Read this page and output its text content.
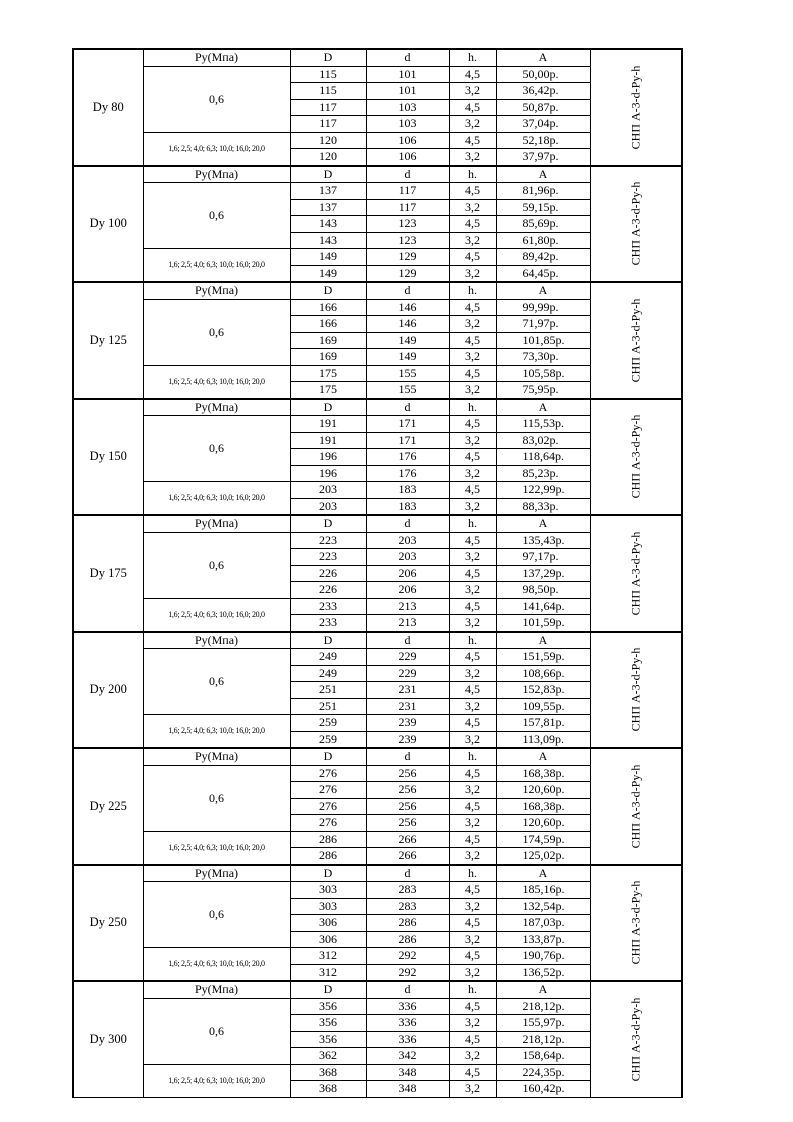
Dy 80	Ру(Мпа)	D	d	h.	A	СНП А-3-d-Py-h
	0,6	115	101	4,5	50,00р.	
		115	101	3,2	36,42р.	
		117	103	4,5	50,87р.	
		117	103	3,2	37,04р.	
	1,6; 2,5; 4,0; 6,3; 10,0; 16,0; 20,0	120	106	4,5	52,18р.	
		120	106	3,2	37,97р.	
Dy 100	Ру(Мпа)	D	d	h.	A	СНП А-3-d-Py-h
	0,6	137	117	4,5	81,96р.	
		137	117	3,2	59,15р.	
		143	123	4,5	85,69р.	
		143	123	3,2	61,80р.	
	1,6; 2,5; 4,0; 6,3; 10,0; 16,0; 20,0	149	129	4,5	89,42р.	
		149	129	3,2	64,45р.	
Dy 125	Ру(Мпа)	D	d	h.	A	СНП А-3-d-Py-h
	0,6	166	146	4,5	99,99р.	
		166	146	3,2	71,97р.	
		169	149	4,5	101,85р.	
		169	149	3,2	73,30р.	
	1,6; 2,5; 4,0; 6,3; 10,0; 16,0; 20,0	175	155	4,5	105,58р.	
		175	155	3,2	75,95р.	
Dy 150	Ру(Мпа)	D	d	h.	A	СНП А-3-d-Py-h
	0,6	191	171	4,5	115,53р.	
		191	171	3,2	83,02р.	
		196	176	4,5	118,64р.	
		196	176	3,2	85,23р.	
	1,6; 2,5; 4,0; 6,3; 10,0; 16,0; 20,0	203	183	4,5	122,99р.	
		203	183	3,2	88,33р.	
Dy 175	Ру(Мпа)	D	d	h.	A	СНП А-3-d-Py-h
	0,6	223	203	4,5	135,43р.	
		223	203	3,2	97,17р.	
		226	206	4,5	137,29р.	
		226	206	3,2	98,50р.	
	1,6; 2,5; 4,0; 6,3; 10,0; 16,0; 20,0	233	213	4,5	141,64р.	
		233	213	3,2	101,59р.	
Dy 200	Ру(Мпа)	D	d	h.	A	СНП А-3-d-Py-h
	0,6	249	229	4,5	151,59р.	
		249	229	3,2	108,66р.	
		251	231	4,5	152,83р.	
		251	231	3,2	109,55р.	
	1,6; 2,5; 4,0; 6,3; 10,0; 16,0; 20,0	259	239	4,5	157,81р.	
		259	239	3,2	113,09р.	
Dy 225	Ру(Мпа)	D	d	h.	A	СНП А-3-d-Py-h
	0,6	276	256	4,5	168,38р.	
		276	256	3,2	120,60р.	
		276	256	4,5	168,38р.	
		276	256	3,2	120,60р.	
	1,6; 2,5; 4,0; 6,3; 10,0; 16,0; 20,0	286	266	4,5	174,59р.	
		286	266	3,2	125,02р.	
Dy 250	Ру(Мпа)	D	d	h.	A	СНП А-3-d-Py-h
	0,6	303	283	4,5	185,16р.	
		303	283	3,2	132,54р.	
		306	286	4,5	187,03р.	
		306	286	3,2	133,87р.	
	1,6; 2,5; 4,0; 6,3; 10,0; 16,0; 20,0	312	292	4,5	190,76р.	
		312	292	3,2	136,52р.	
Dy 300	Ру(Мпа)	D	d	h.	A	СНП А-3-d-Py-h
	0,6	356	336	4,5	218,12р.	
		356	336	3,2	155,97р.	
		356	336	4,5	218,12р.	
		362	342	3,2	158,64р.	
	1,6; 2,5; 4,0; 6,3; 10,0; 16,0; 20,0	368	348	4,5	224,35р.	
		368	348	3,2	160,42р.	
